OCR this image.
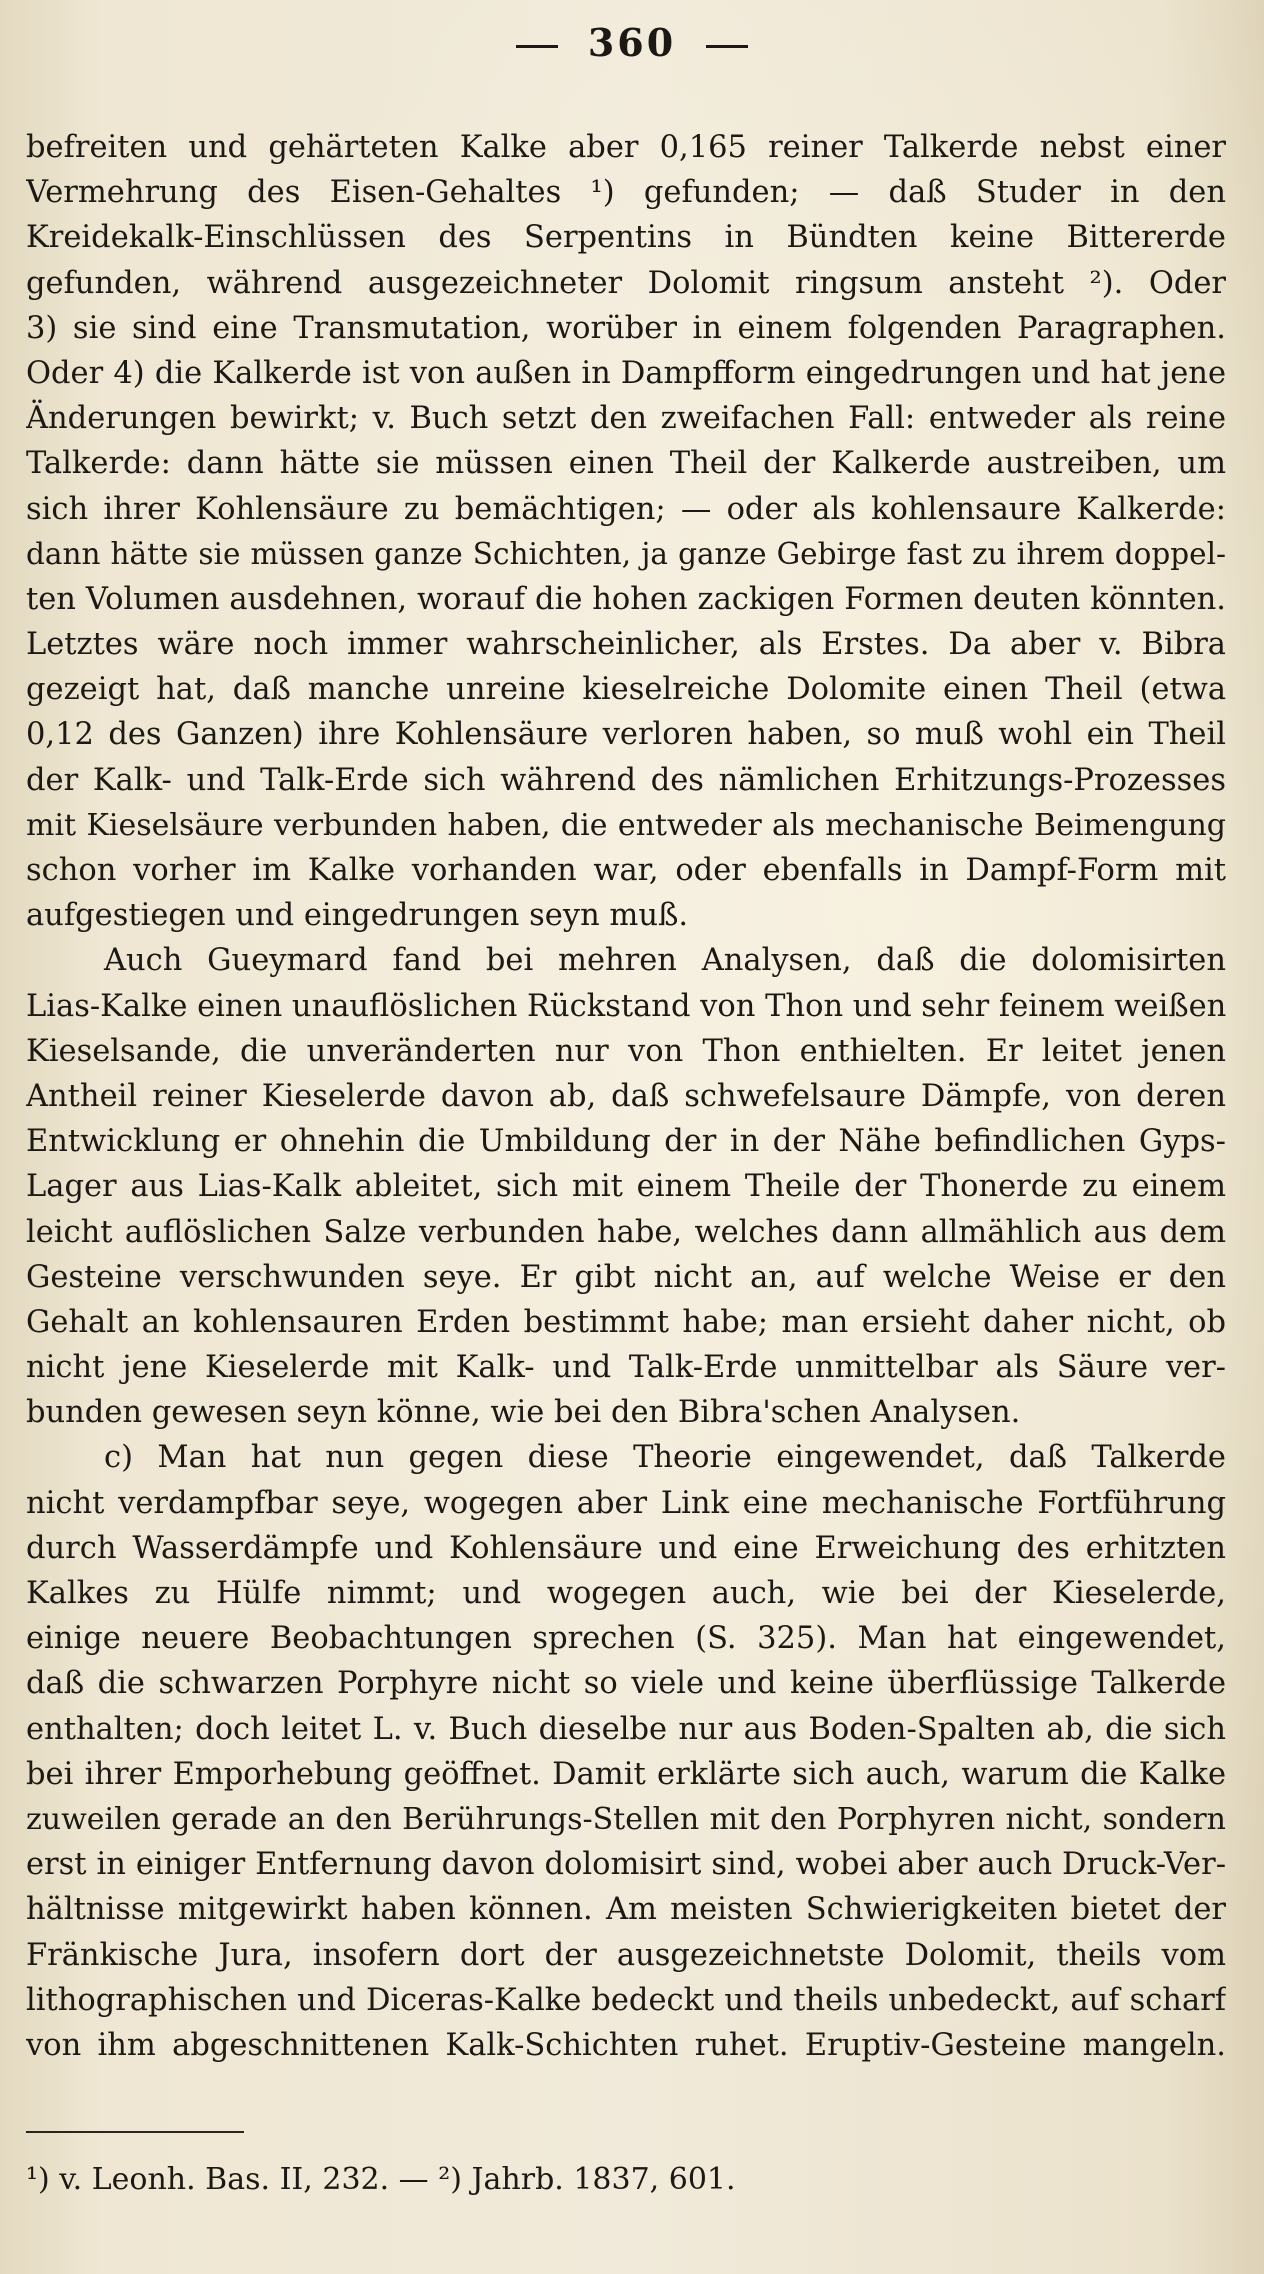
360
befreiten und gehärteten Kalke aber 0,165 reiner Talkerde nebst einer
Vermehrung des Eisen-Gehaltes ¹) gefunden; — daß Studer in den
Kreidekalk-Einschlüssen des Serpentins in Bündten keine Bittererde
gefunden, während ausgezeichneter Dolomit ringsum ansteht ²). Oder
3) sie sind eine Transmutation, worüber in einem folgenden Paragraphen.
Oder 4) die Kalkerde ist von außen in Dampfform eingedrungen und hat jene
Änderungen bewirkt; v. Buch setzt den zweifachen Fall: entweder als reine
Talkerde: dann hätte sie müssen einen Theil der Kalkerde austreiben, um
sich ihrer Kohlensäure zu bemächtigen; — oder als kohlensaure Kalkerde:
dann hätte sie müssen ganze Schichten, ja ganze Gebirge fast zu ihrem doppel-
ten Volumen ausdehnen, worauf die hohen zackigen Formen deuten könnten.
Letztes wäre noch immer wahrscheinlicher, als Erstes. Da aber v. Bibra
gezeigt hat, daß manche unreine kieselreiche Dolomite einen Theil (etwa
0,12 des Ganzen) ihre Kohlensäure verloren haben, so muß wohl ein Theil
der Kalk- und Talk-Erde sich während des nämlichen Erhitzungs-Prozesses
mit Kieselsäure verbunden haben, die entweder als mechanische Beimengung
schon vorher im Kalke vorhanden war, oder ebenfalls in Dampf-Form mit
aufgestiegen und eingedrungen seyn muß.
Auch Gueymard fand bei mehren Analysen, daß die dolomisirten
Lias-Kalke einen unauflöslichen Rückstand von Thon und sehr feinem weißen
Kieselsande, die unveränderten nur von Thon enthielten. Er leitet jenen
Antheil reiner Kieselerde davon ab, daß schwefelsaure Dämpfe, von deren
Entwicklung er ohnehin die Umbildung der in der Nähe befindlichen Gyps-
Lager aus Lias-Kalk ableitet, sich mit einem Theile der Thonerde zu einem
leicht auflöslichen Salze verbunden habe, welches dann allmählich aus dem
Gesteine verschwunden seye. Er gibt nicht an, auf welche Weise er den
Gehalt an kohlensauren Erden bestimmt habe; man ersieht daher nicht, ob
nicht jene Kieselerde mit Kalk- und Talk-Erde unmittelbar als Säure ver-
bunden gewesen seyn könne, wie bei den Bibra'schen Analysen.
c) Man hat nun gegen diese Theorie eingewendet, daß Talkerde
nicht verdampfbar seye, wogegen aber Link eine mechanische Fortführung
durch Wasserdämpfe und Kohlensäure und eine Erweichung des erhitzten
Kalkes zu Hülfe nimmt; und wogegen auch, wie bei der Kieselerde,
einige neuere Beobachtungen sprechen (S. 325). Man hat eingewendet,
daß die schwarzen Porphyre nicht so viele und keine überflüssige Talkerde
enthalten; doch leitet L. v. Buch dieselbe nur aus Boden-Spalten ab, die sich
bei ihrer Emporhebung geöffnet. Damit erklärte sich auch, warum die Kalke
zuweilen gerade an den Berührungs-Stellen mit den Porphyren nicht, sondern
erst in einiger Entfernung davon dolomisirt sind, wobei aber auch Druck-Ver-
hältnisse mitgewirkt haben können. Am meisten Schwierigkeiten bietet der
Fränkische Jura, insofern dort der ausgezeichnetste Dolomit, theils vom
lithographischen und Diceras-Kalke bedeckt und theils unbedeckt, auf scharf
von ihm abgeschnittenen Kalk-Schichten ruhet. Eruptiv-Gesteine mangeln.
¹) v. Leonh. Bas. II, 232. — ²) Jahrb. 1837, 601.
